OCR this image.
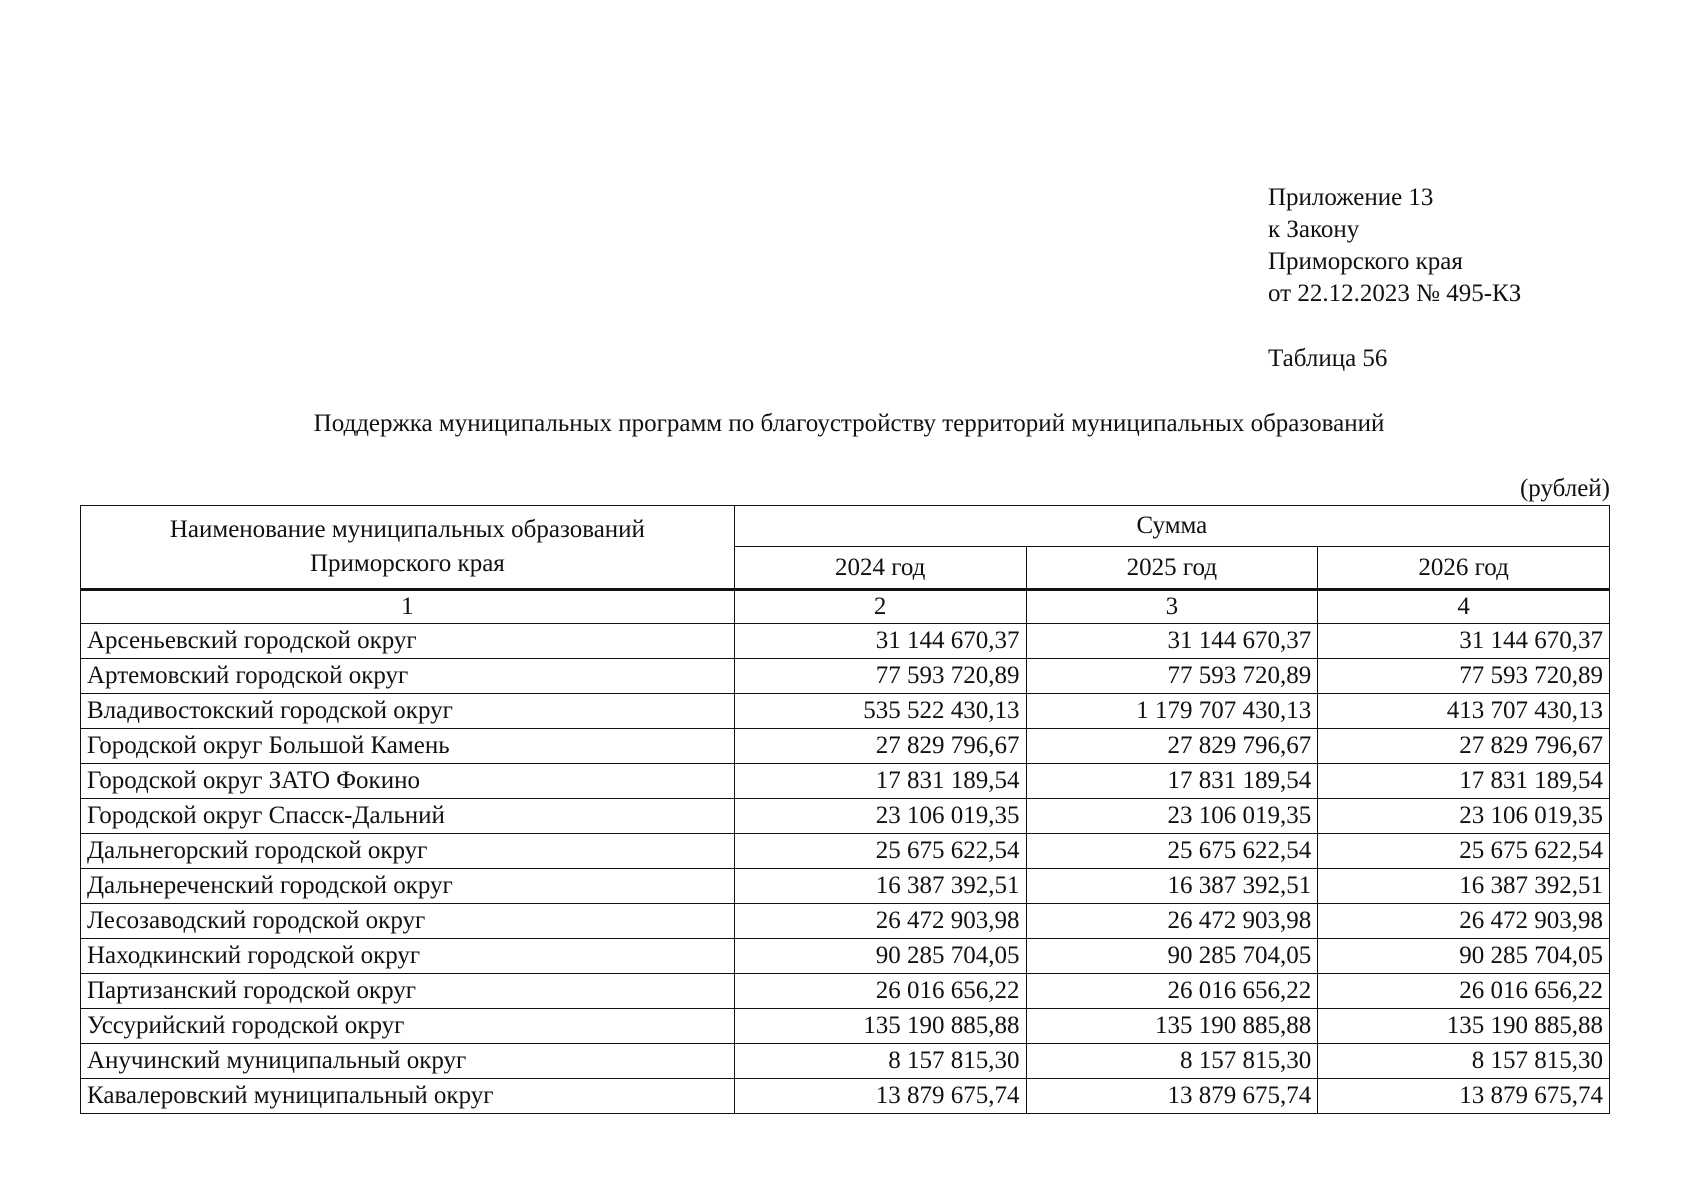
Приложение 13
к Закону
Приморского края
от 22.12.2023 № 495-КЗ
Таблица 56
Поддержка муниципальных программ по благоустройству территорий муниципальных образований
(рублей)
Наименование муниципальных образований
Приморского края	Сумма		
	2024 год	2025 год	2026 год
1	2	3	4
Арсеньевский городской округ	31 144 670,37	31 144 670,37	31 144 670,37
Артемовский городской округ	77 593 720,89	77 593 720,89	77 593 720,89
Владивостокский городской округ	535 522 430,13	1 179 707 430,13	413 707 430,13
Городской округ Большой Камень	27 829 796,67	27 829 796,67	27 829 796,67
Городской округ ЗАТО Фокино	17 831 189,54	17 831 189,54	17 831 189,54
Городской округ Спасск-Дальний	23 106 019,35	23 106 019,35	23 106 019,35
Дальнегорский городской округ	25 675 622,54	25 675 622,54	25 675 622,54
Дальнереченский городской округ	16 387 392,51	16 387 392,51	16 387 392,51
Лесозаводский городской округ	26 472 903,98	26 472 903,98	26 472 903,98
Находкинский городской округ	90 285 704,05	90 285 704,05	90 285 704,05
Партизанский городской округ	26 016 656,22	26 016 656,22	26 016 656,22
Уссурийский городской округ	135 190 885,88	135 190 885,88	135 190 885,88
Анучинский муниципальный округ	8 157 815,30	8 157 815,30	8 157 815,30
Кавалеровский муниципальный округ	13 879 675,74	13 879 675,74	13 879 675,74
